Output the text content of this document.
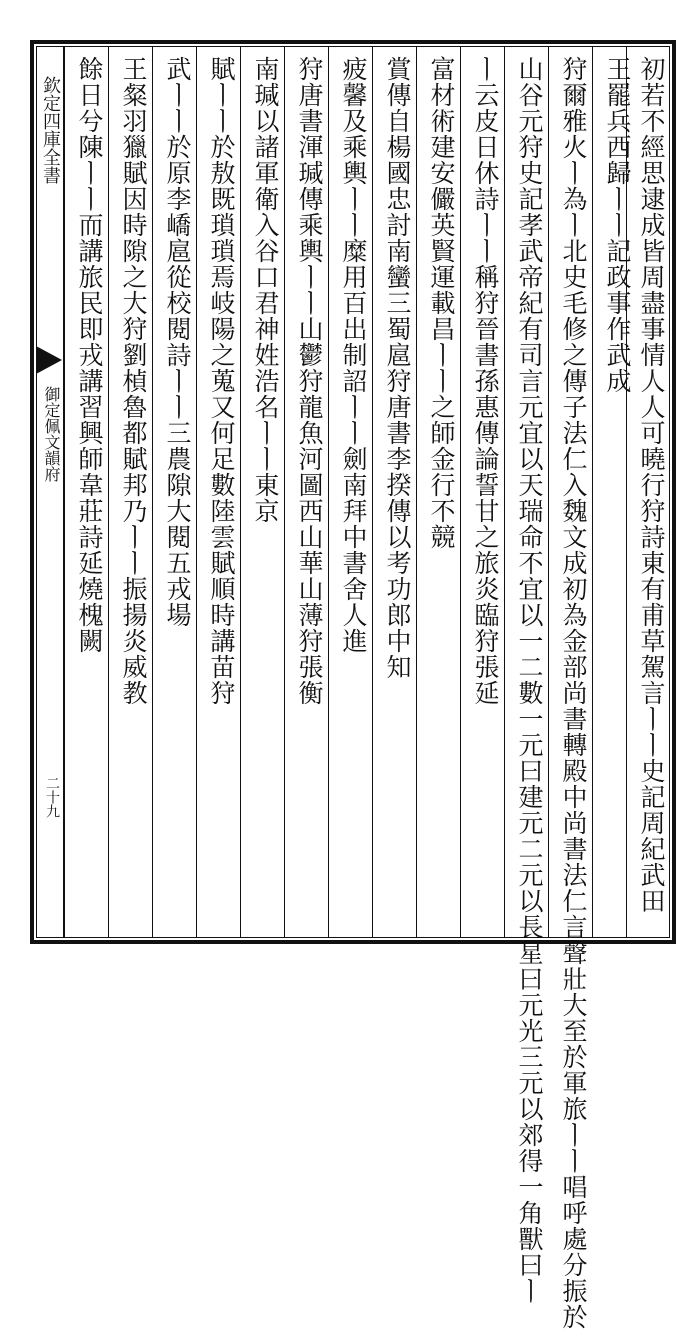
欽定四庫全書
御定佩文韻府
二十九
餘日兮陳ㅣㅣ而講旅民即戎講習興師韋莊詩延燒槐闕 王粲羽獵賦因時隙之大狩劉楨魯都賦邦乃ㅣㅣ振揚炎威教 武ㅣㅣ於原李嶠扈從校閱詩ㅣㅣ三農隙大閱五戎場 賦ㅣㅣ於敖既瑣瑣焉岐陽之蒐又何足數陸雲賦順時講苗狩 南瑊以諸軍衛入谷口君神姓浩名ㅣㅣ東京 狩唐書渾瑊傳乘輿ㅣㅣ山鬱狩龍魚河圖西山華山薄狩張衡 疲馨及乘輿ㅣㅣ糜用百出制詔ㅣㅣ劍南拜中書舍人進 賞傳自楊國忠討南蠻三蜀扈狩唐書李揆傳以考功郎中知 富材術建安儼英賢運載昌ㅣㅣ之師金行不競 ㅣ云皮日休詩ㅣㅣ稱狩晉書孫惠傳論誓甘之旅炎臨狩張延 山谷元狩史記孝武帝紀有司言元宜以天瑞命不宜以一二數一元曰建元二元以長星曰元光三元以郊得一角獸曰ㅣ 狩爾雅火ㅣ為ㅣ北史毛修之傳子法仁入魏文成初為金部尚書轉殿中尚書法仁言聲壯大至於軍旅ㅣㅣ唱呼處分振於 王罷兵西歸ㅣㅣ記政事作武成 初若不經思逮成皆周盡事情人人可曉行狩詩東有甫草駕言ㅣㅣ史記周紀武田
